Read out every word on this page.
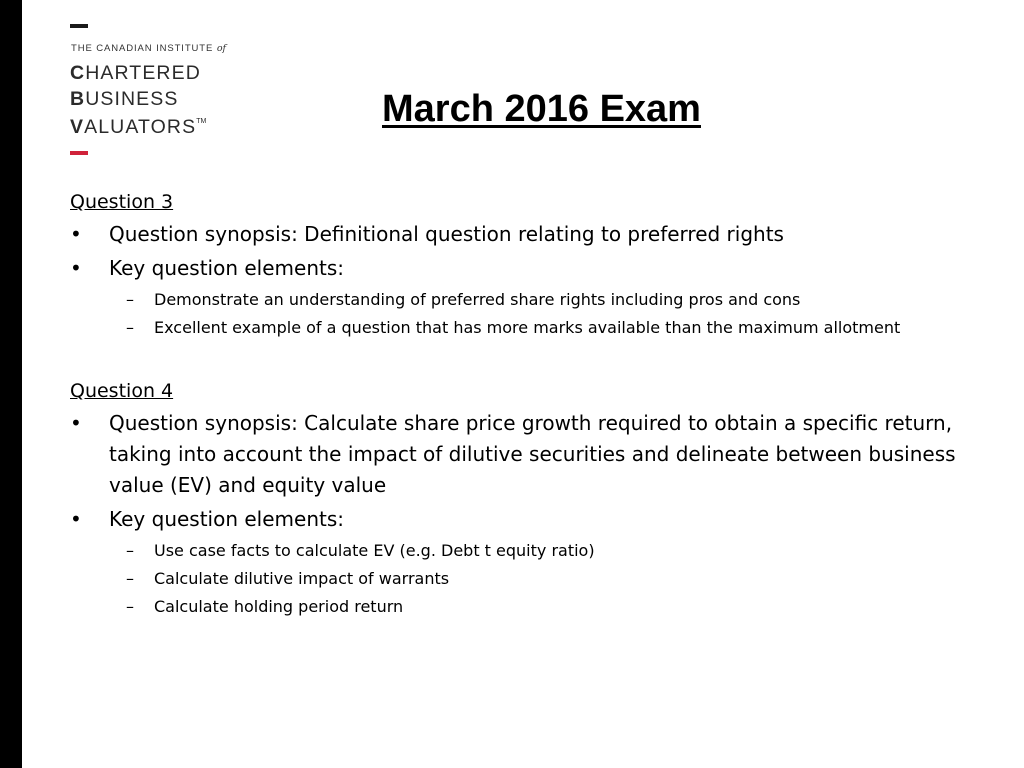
THE CANADIAN INSTITUTE of
CHARTERED
BUSINESS
VALUATORS™	March 2016 Exam
Question 3
• Question synopsis: Definitional question relating to preferred rights
• Key question elements:
– Demonstrate an understanding of preferred share rights including pros and cons
– Excellent example of a question that has more marks available than the maximum allotment
Question 4
• Question synopsis: Calculate share price growth required to obtain a specific return, taking into account the impact of dilutive securities and delineate between business value (EV) and equity value
• Key question elements:
– Use case facts to calculate EV (e.g. Debt t equity ratio)
– Calculate dilutive impact of warrants
– Calculate holding period return
